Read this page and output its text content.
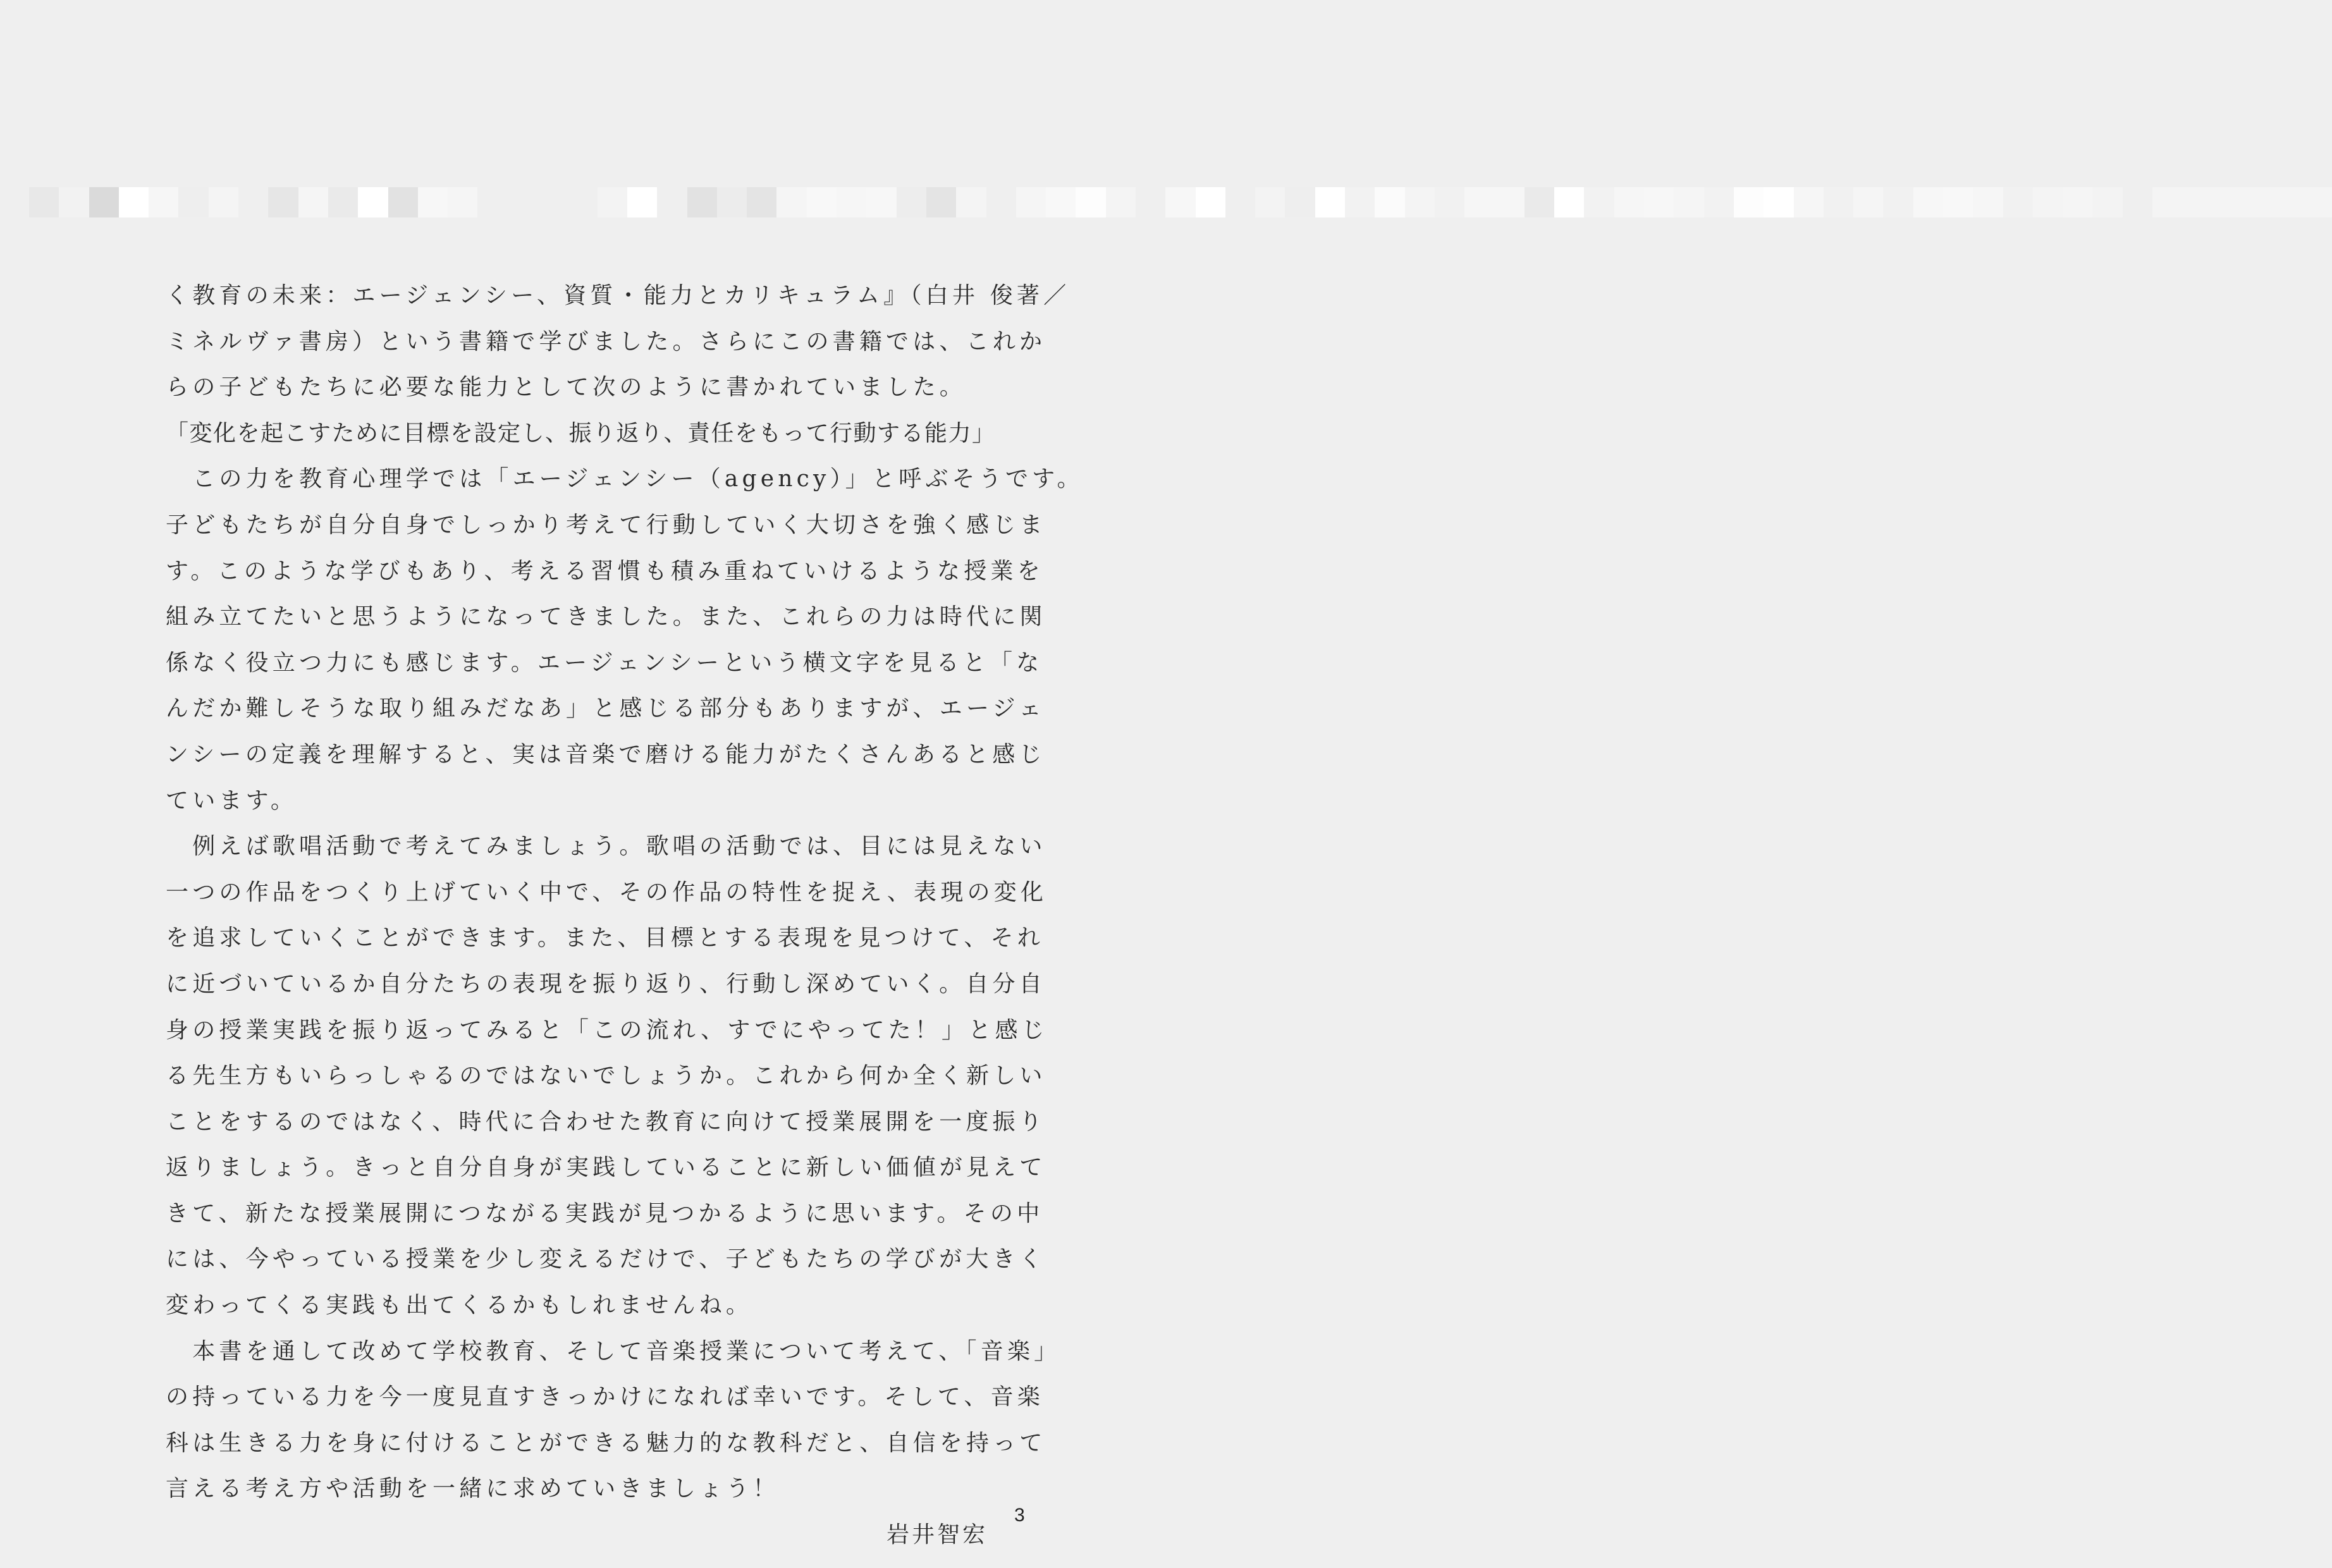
く教育の未来：エージェンシー、資質・能力とカリキュラム』（白井 俊著／
ミネルヴァ書房）という書籍で学びました。さらにこの書籍では、これか
らの子どもたちに必要な能力として次のように書かれていました。
「変化を起こすために目標を設定し、振り返り、責任をもって行動する能力」
　この力を教育心理学では「エージェンシー（agency）」と呼ぶそうです。
子どもたちが自分自身でしっかり考えて行動していく大切さを強く感じま
す。このような学びもあり、考える習慣も積み重ねていけるような授業を
組み立てたいと思うようになってきました。また、これらの力は時代に関
係なく役立つ力にも感じます。エージェンシーという横文字を見ると「な
んだか難しそうな取り組みだなあ」と感じる部分もありますが、エージェ
ンシーの定義を理解すると、実は音楽で磨ける能力がたくさんあると感じ
ています。
　例えば歌唱活動で考えてみましょう。歌唱の活動では、目には見えない
一つの作品をつくり上げていく中で、その作品の特性を捉え、表現の変化
を追求していくことができます。また、目標とする表現を見つけて、それ
に近づいているか自分たちの表現を振り返り、行動し深めていく。自分自
身の授業実践を振り返ってみると「この流れ、すでにやってた！」と感じ
る先生方もいらっしゃるのではないでしょうか。これから何か全く新しい
ことをするのではなく、時代に合わせた教育に向けて授業展開を一度振り
返りましょう。きっと自分自身が実践していることに新しい価値が見えて
きて、新たな授業展開につながる実践が見つかるように思います。その中
には、今やっている授業を少し変えるだけで、子どもたちの学びが大きく
変わってくる実践も出てくるかもしれませんね。
　本書を通して改めて学校教育、そして音楽授業について考えて、「音楽」
の持っている力を今一度見直すきっかけになれば幸いです。そして、音楽
科は生きる力を身に付けることができる魅力的な教科だと、自信を持って
言える考え方や活動を一緒に求めていきましょう！
岩井智宏
3
